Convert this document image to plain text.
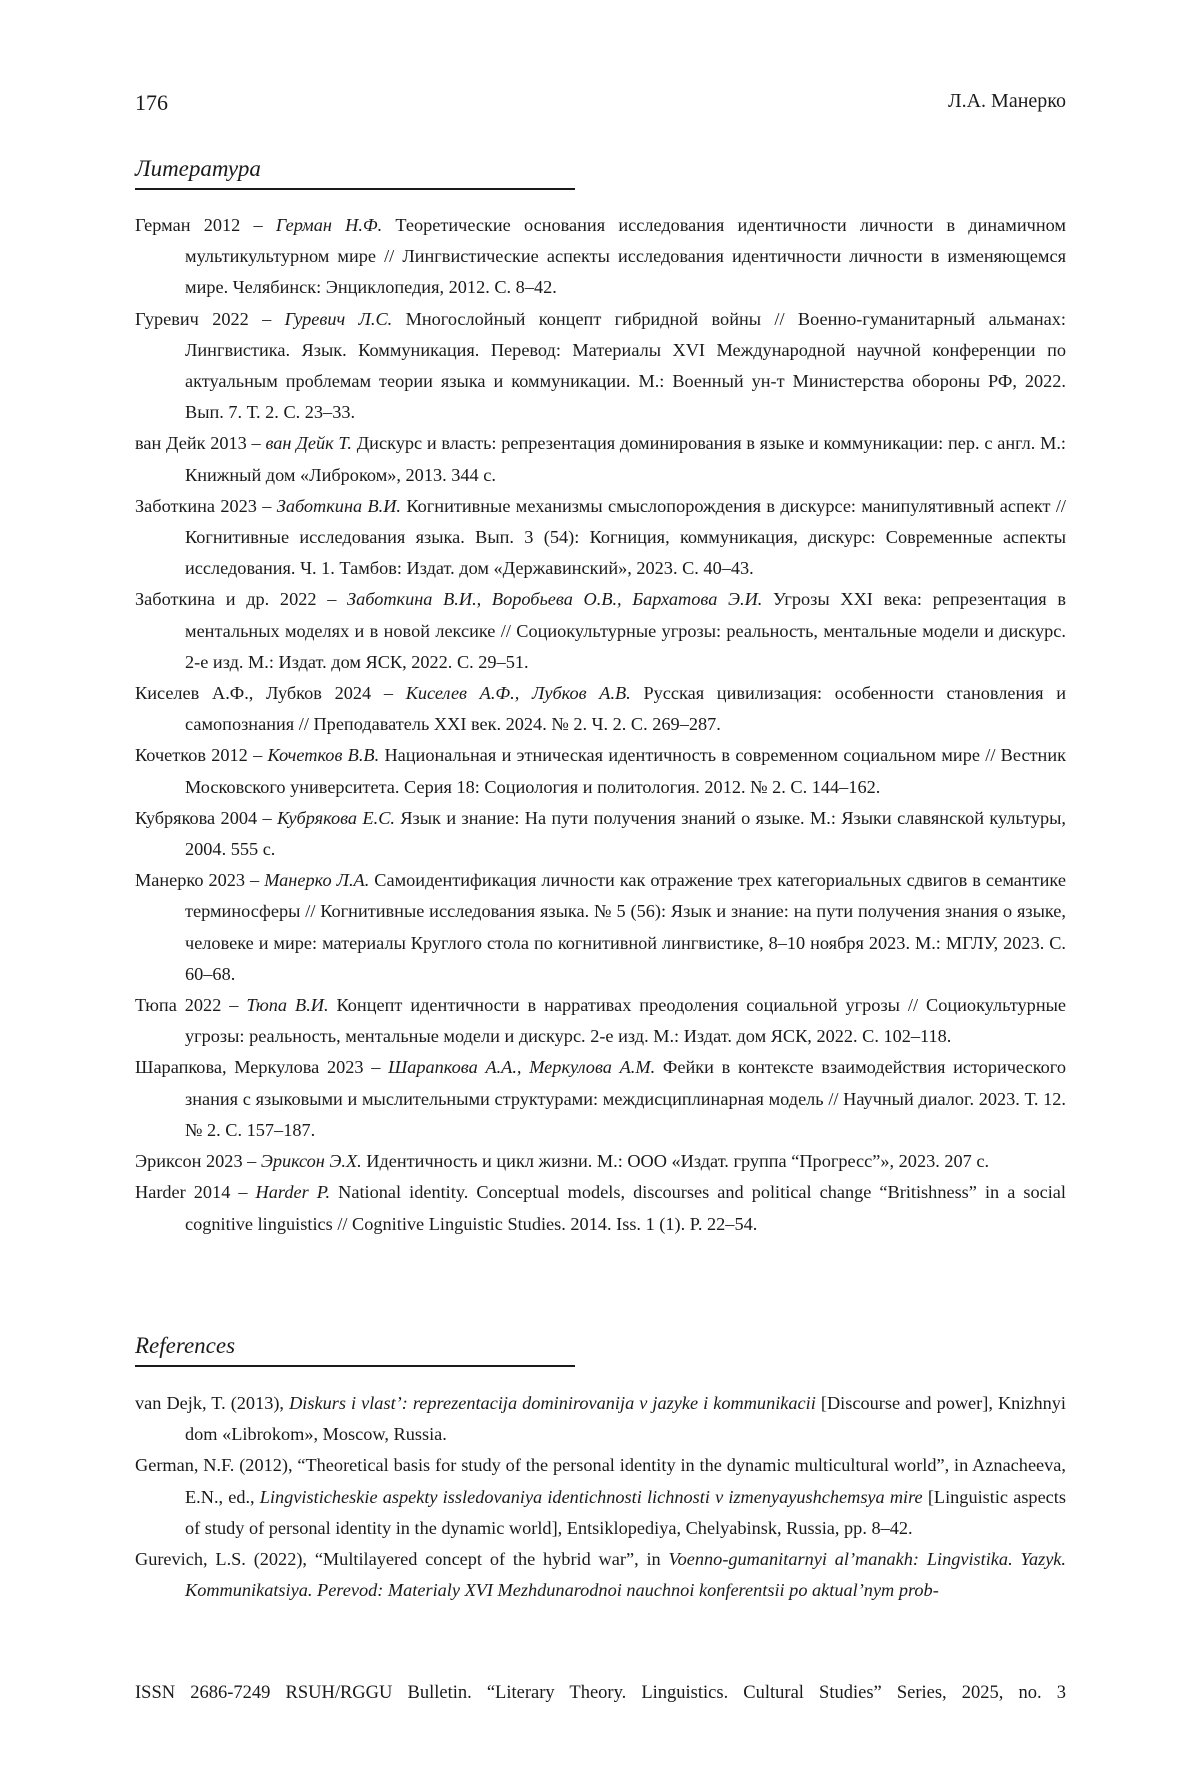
176	Л.А. Манерко
Литература

Герман 2012 – Герман Н.Ф. Теоретические основания исследования идентичности личности в динамичном мультикультурном мире // Лингвистические аспекты исследования идентичности личности в изменяющемся мире. Челябинск: Энциклопедия, 2012. С. 8–42.

Гуревич 2022 – Гуревич Л.С. Многослойный концепт гибридной войны // Военно-гуманитарный альманах: Лингвистика. Язык. Коммуникация. Перевод: Материалы XVI Международной научной конференции по актуальным проблемам теории языка и коммуникации. М.: Военный ун-т Министерства обороны РФ, 2022. Вып. 7. Т. 2. С. 23–33.

ван Дейк 2013 – ван Дейк Т. Дискурс и власть: репрезентация доминирования в языке и коммуникации: пер. с англ. М.: Книжный дом «Либроком», 2013. 344 с.

Заботкина 2023 – Заботкина В.И. Когнитивные механизмы смыслопорождения в дискурсе: манипулятивный аспект // Когнитивные исследования языка. Вып. 3 (54): Когниция, коммуникация, дискурс: Современные аспекты исследования. Ч. 1. Тамбов: Издат. дом «Державинский», 2023. С. 40–43.

Заботкина и др. 2022 – Заботкина В.И., Воробьева О.В., Бархатова Э.И. Угрозы XXI века: репрезентация в ментальных моделях и в новой лексике // Социокультурные угрозы: реальность, ментальные модели и дискурс. 2-е изд. М.: Издат. дом ЯСК, 2022. С. 29–51.

Киселев А.Ф., Лубков 2024 – Киселев А.Ф., Лубков А.В. Русская цивилизация: особенности становления и самопознания // Преподаватель XXI век. 2024. № 2. Ч. 2. С. 269–287.

Кочетков 2012 – Кочетков В.В. Национальная и этническая идентичность в современном социальном мире // Вестник Московского университета. Серия 18: Социология и политология. 2012. № 2. С. 144–162.

Кубрякова 2004 – Кубрякова Е.С. Язык и знание: На пути получения знаний о языке. М.: Языки славянской культуры, 2004. 555 с.

Манерко 2023 – Манерко Л.А. Самоидентификация личности как отражение трех категориальных сдвигов в семантике терминосферы // Когнитивные исследования языка. № 5 (56): Язык и знание: на пути получения знания о языке, человеке и мире: материалы Круглого стола по когнитивной лингвистике, 8–10 ноября 2023. М.: МГЛУ, 2023. С. 60–68.

Тюпа 2022 – Тюпа В.И. Концепт идентичности в нарративах преодоления социальной угрозы // Социокультурные угрозы: реальность, ментальные модели и дискурс. 2-е изд. М.: Издат. дом ЯСК, 2022. С. 102–118.

Шарапкова, Меркулова 2023 – Шарапкова А.А., Меркулова А.М. Фейки в контексте взаимодействия исторического знания с языковыми и мыслительными структурами: междисциплинарная модель // Научный диалог. 2023. Т. 12. № 2. С. 157–187.

Эриксон 2023 – Эриксон Э.Х. Идентичность и цикл жизни. М.: ООО «Издат. группа “Прогресс”», 2023. 207 с.

Harder 2014 – Harder P. National identity. Conceptual models, discourses and political change “Britishness” in a social cognitive linguistics // Cognitive Linguistic Studies. 2014. Iss. 1 (1). P. 22–54.

References

van Dejk, T. (2013), Diskurs i vlast’: reprezentacija dominirovanija v jazyke i kommunikacii [Discourse and power], Knizhnyi dom «Librokom», Moscow, Russia.

German, N.F. (2012), “Theoretical basis for study of the personal identity in the dynamic multicultural world”, in Aznacheeva, E.N., ed., Lingvisticheskie aspekty issledovaniya identichnosti lichnosti v izmenyayushchemsya mire [Linguistic aspects of study of personal identity in the dynamic world], Entsiklopediya, Chelyabinsk, Russia, pp. 8–42.

Gurevich, L.S. (2022), “Multilayered concept of the hybrid war”, in Voenno-gumanitarnyi al’manakh: Lingvistika. Yazyk. Kommunikatsiya. Perevod: Materialy XVI Mezhdunarodnoi nauchnoi konferentsii po aktual’nym prob-

ISSN 2686-7249 RSUH/RGGU Bulletin. “Literary Theory. Linguistics. Cultural Studies” Series, 2025, no. 3
